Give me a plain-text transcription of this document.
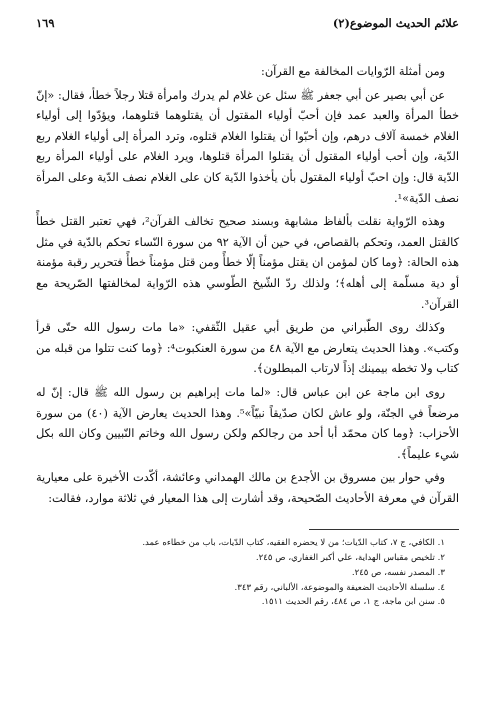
علائم الحديث الموضوع(٢)
١٦٩

ومن أمثلة الرّوايات المخالفة مع القرآن:

عن أبي بصير عن أبي جعفر ﷺ سئل عن غلام لم يدرك وامرأة قتلا رجلاً خطأ، فقال: «إنّ خطأ المرأة والعبد عمد فإن أحبّ أولياء المقتول أن يقتلوهما قتلوهما، ويؤدّوا إلى أولياء الغلام خمسة آلاف درهم، وإن أحبّوا أن يقتلوا الغلام قتلوه، وترد المرأة إلى أولياء الغلام ربع الدّية، وإن أحب أولياء المقتول أن يقتلوا المرأة قتلوها، ويرد الغلام على أولياء المرأة ربع الدّية قال: وإن احبّ أولياء المقتول بأن يأخذوا الدّية كان على الغلام نصف الدّية وعلى المرأة نصف الدّية»¹.

وهذه الرّواية نقلت بألفاظ مشابهة وبسند صحيح تخالف القرآن²، فهي تعتبر القتل خطأً كالقتل العمد، وتحكم بالقصاص، في حين أن الآية ٩٢ من سورة النّساء تحكم بالدّية في مثل هذه الحالة: ﴿وما كان لمؤمن ان يقتل مؤمناً إلّا خطأً ومن قتل مؤمناً خطأً فتحرير رقبة مؤمنة أو دية مسلّمة إلى أهله﴾؛ ولذلك ردّ الشّيخ الطّوسي هذه الرّواية لمخالفتها الصّريحة مع القرآن³.

وكذلك روى الطّبراني من طريق أبي عقيل الثّقفي: «ما مات رسول الله حتّى قرأ وكتب». وهذا الحديث يتعارض مع الآية ٤٨ من سورة العنكبوت⁴: ﴿وما كنت تتلوا من قبله من كتاب ولا تخطه بيمينك إذاً لارتاب المبطلون﴾.

روى ابن ماجة عن ابن عباس قال: «لما مات إبراهيم بن رسول الله ﷺ قال: إنّ له مرضعاً في الجنّة، ولو عاش لكان صدّيقاً نبيّاً»⁵. وهذا الحديث يعارض الآية (٤٠) من سورة الأحزاب: ﴿وما كان محمّد أبا أحد من رجالكم ولكن رسول الله وخاتم النّبيين وكان الله بكل شيء عليماً﴾.

وفي حوار بين مسروق بن الأجدع بن مالك الهمداني وعائشة، أكّدت الأخيرة على معيارية القرآن في معرفة الأحاديث الصّحيحة، وقد أشارت إلى هذا المعيار في ثلاثة موارد، فقالت:

١. الكافي، ج ٧، كتاب الدّيات؛ من لا يحضره الفقيه، كتاب الدّيات، باب من خطاءه عمد.

٢. تلخيص مقباس الهداية، علي أكبر الغفاري، ص ٢٤٥.

٣. المصدر نفسه، ص ٢٤٥.

٤. سلسلة الأحاديث الضعيفة والموضوعة، الألباني، رقم ٣٤٣.

٥. سنن ابن ماجة، ج ١، ص ٤٨٤، رقم الحديث ١٥١١.
